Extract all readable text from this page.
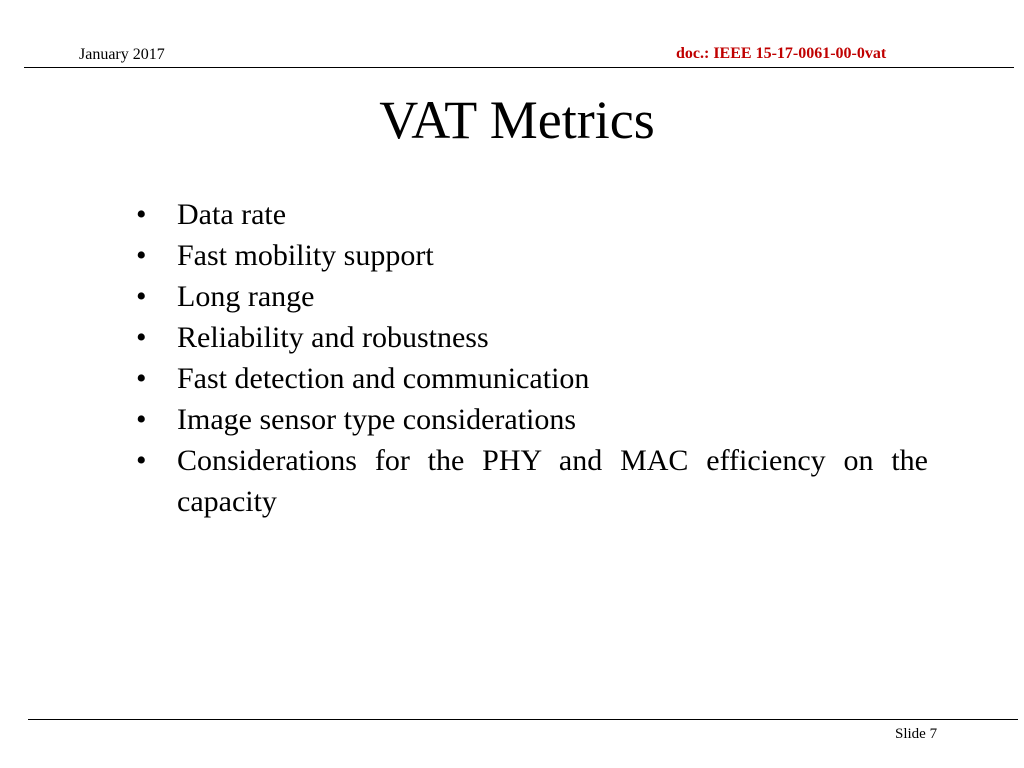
January 2017	doc.: IEEE 15-17-0061-00-0vat
VAT Metrics
• Data rate
• Fast mobility support
• Long range
• Reliability and robustness
• Fast detection and communication
• Image sensor type considerations
• Considerations for the PHY and MAC efficiency on the capacity
Slide 7
